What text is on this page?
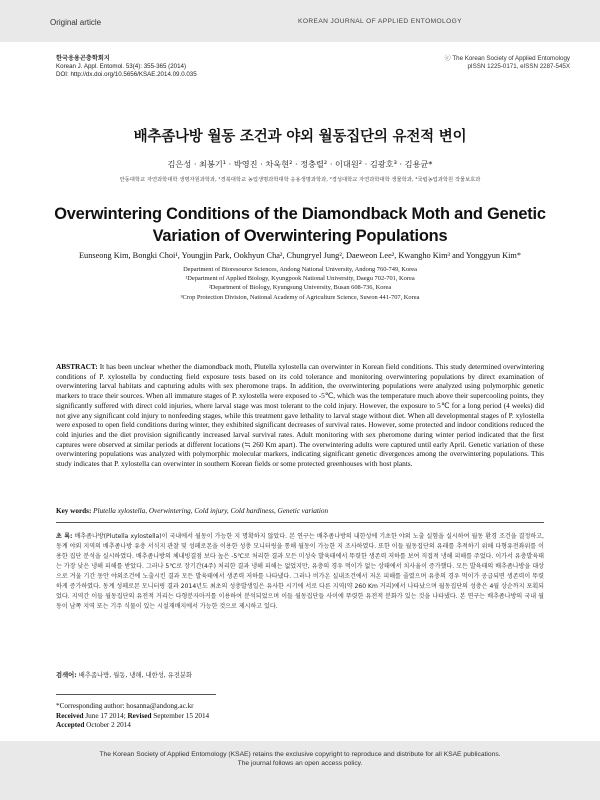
Original article	KOREAN JOURNAL OF APPLIED ENTOMOLOGY
한국응용곤충학회지
Korean J. Appl. Entomol. 53(4): 355-365 (2014)
DOI: http://dx.doi.org/10.5656/KSAE.2014.09.0.035
ⓒ The Korean Society of Applied Entomology
pISSN 1225-0171, eISSN 2287-545X
배추좀나방 월동 조건과 야외 월동집단의 유전적 변이
김은성 · 최봉기¹ · 박영진 · 차욱현² · 정충렬² · 이대원² · 김광호³ · 김용균*
안동대학교 자연과학대학 생명자원과학과, ¹경북대학교 농업생명과학대학 응용생명과학과, ²경성대학교 자연과학대학 생물학과, ³국립농업과학원 작물보호과
Overwintering Conditions of the Diamondback Moth and Genetic Variation of Overwintering Populations
Eunseong Kim, Bongki Choi¹, Youngjin Park, Ookhyun Cha², Chungryel Jung², Daeweon Lee², Kwangho Kim³ and Yonggyun Kim*
Department of Bioresource Sciences, Andong National University, Andong 760-749, Korea
¹Department of Applied Biology, Kyungpook National University, Daegu 702-701, Korea
²Department of Biology, Kyungsung University, Busan 608-736, Korea
³Crop Protection Division, National Academy of Agriculture Science, Suwon 441-707, Korea
ABSTRACT: It has been unclear whether the diamondback moth, Plutella xylostella can overwinter in Korean field conditions. This study determined overwintering conditions of P. xylostella by conducting field exposure tests based on its cold tolerance and monitoring overwintering populations by direct examination of overwintering larval habitats and capturing adults with sex pheromone traps. In addition, the overwintering populations were analyzed using polymorphic genetic markers to trace their sources. When all immature stages of P. xylostella were exposed to -5℃, which was the temperature much above their supercooling points, they significantly suffered with direct cold injuries, where larval stage was most tolerant to the cold injury. However, the exposure to 5℃ for a long period (4 weeks) did not give any significant cold injury to nonfeeding stages, while this treatment gave lethality to larval stage without diet. When all developmental stages of P. xylostella were exposed to open field conditions during winter, they exhibited significant decreases of survival rates. However, some protected and indoor conditions reduced the cold injuries and the diet provision significantly increased larval survival rates. Adult monitoring with sex pheromone during winter period indicated that the first captures were observed at similar periods at different locations (≒ 260 Km apart). The overwintering adults were captured until early April. Genetic variation of these overwintering populations was analyzed with polymorphic molecular markers, indicating significant genetic divergences among the overwintering populations. This study indicates that P. xylostella can overwinter in southern Korean fields or some protected greenhouses with host plants.
Key words: Plutella xylostella, Overwintering, Cold injury, Cold hardiness, Genetic variation
초 록: 배추좀나방(Plutella xylostella)이 국내에서 월동이 가능한 지 명확하지 않았다. 본 연구는 배추좀나방의 내한성에 기초한 야외 노출 실험을 실시하여 월동 환경 조건을 결정하고, 동계 야외 지역의 배추좀나방 유충 서식지 관찰 및 성페로몬을 이용한 성충 모니터링을 통해 월동이 가능한 지 조사하였다. 또한 이들 월동집단의 유래를 추적하기 위해 다형유전좌위를 이용한 집단 분석을 실시하였다. 배추좀나방의 체내빙결점 보다 높은 -5℃로 처리한 결과 모든 미성숙 발육태에서 뚜렷한 생존력 저하를 보여 직접적 냉해 피해를 주었다. 이가서 유충발육태는 가장 낮은 냉해 피해를 받았다. 그러나 5℃로 장기간(4주) 처리한 결과 냉해 피해는 없었지만, 유충의 경우 먹이가 없는 상태에서 치사율이 증가했다. 모든 발육태의 배추좀나방을 대상으로 겨울 기간 동안 야외조건에 노출시킨 결과 모든 발육태에서 생존력 저하를 나타냈다. 그러나 비가온 실내조건에서 저온 피해를 줄였으며 유충의 경우 먹이가 공급되면 생존력이 뚜렷하게 증가하였다. 동계 성페로몬 모니터링 결과 2014년도 최초의 성충발생일은 유사한 시기에 서로 다른 지역(약 260 Km 거리)에서 나타났으며 월동집단의 성충은 4월 상순까지 포획되었다. 지역간 이들 월동집단의 유전적 거리는 다형분자마커를 이용하여 분석되었으며 이들 월동집단들 사이에 뚜렷한 유전적 분화가 있는 것을 나타냈다. 본 연구는 배추좀나방의 국내 월동이 남쪽 지역 또는 기주 식물이 있는 시설재배지에서 가능한 것으로 제시하고 있다.
검색어: 배추좀나방, 월동, 냉해, 내한성, 유전분화
*Corresponding author: hosanna@andong.ac.kr
Received June 17 2014; Revised September 15 2014
Accepted October 2 2014
The Korean Society of Applied Entomology (KSAE) retains the exclusive copyright to reproduce and distribute for all KSAE publications.
The journal follows an open access policy.
